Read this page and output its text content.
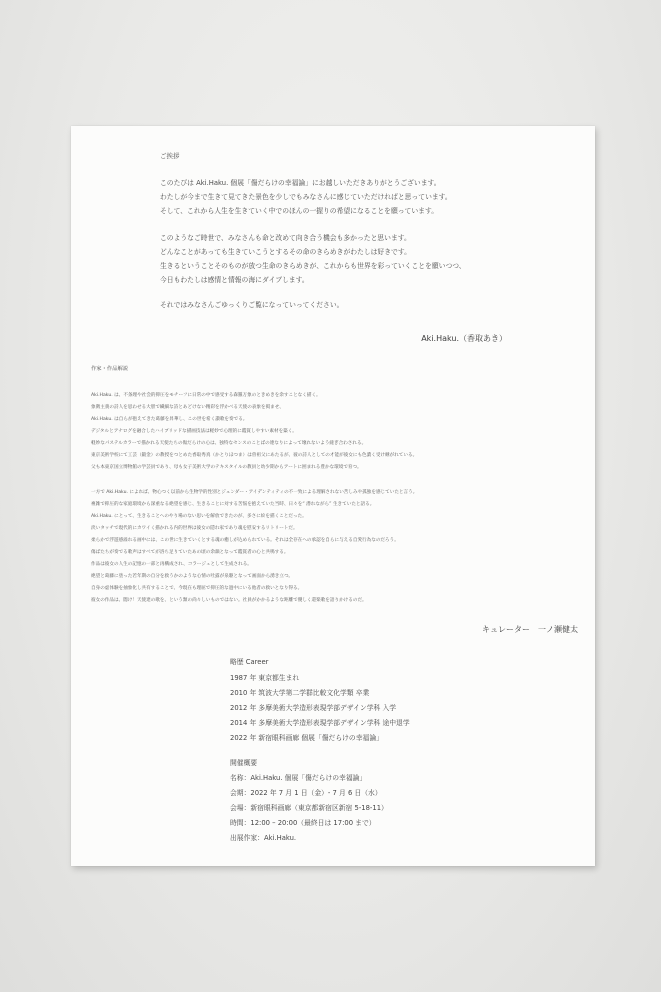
ご挨拶

このたびは Aki.Haku. 個展「傷だらけの幸福論」にお越しいただきありがとうございます。

わたしが今まで生きて見てきた景色を少しでもみなさんに感じていただければと思っています。

そして、これから人生を生きていく中でのほんの一握りの希望になることを願っています。

このようなご時世で、みなさんも命と改めて向き合う機会も多かったと思います。

どんなことがあっても生きていこうとするその命のきらめきがわたしは好きです。

生きるということそのものが放つ生命のきらめきが、これからも世界を彩っていくことを願いつつ、

今日もわたしは感情と情報の海にダイブします。

それではみなさんごゆっくりご覧になっていってください。

Aki.Haku.（香取あき）
作家・作品解説
Aki.Haku. は、不条理や社会的抑圧をモチーフに日常の中で感受する森羅万象のときめきを余すことなく描く。
象徴主義の詩人を思わせる大胆で繊細な詩とあどけない精彩を浮かべる天使の表象を掲ませ、
Aki.Haku. は自らが抱えてきた葛藤を昇華し、この世を希く讃歌を奏でる。
デジタルとアナログを融合したハイブリッドな描画技法は軽妙で心理的に鑑賞しやすい素材を築く。
軽妙なパステルカラーで描かれる天使たちの傷だらけの心は、独特なセンスのことばの連なりによって壊れないよう縫ぎ合わされる。
東京美術学校にて工芸（鍛金）の教授をつとめた香取秀真（かとりほつま）は曽祖父にあたるが、彼の詩人としての才能が彼女にも色濃く受け継がれている。
父も本東京国立博物館の学芸員であり、母も女子美術大学のテキスタイルの教員と幼少期からアートに囲まれる豊かな環境で育つ。
一方で Aki.Haku. によれば、物心つく以前から生物学的性別とジェンダー・アイデンティティの不一致による理解されない苦しみや孤独を感じていたと言う。
複雑で抑圧的な家庭環境から深重なる絶望を感じ、生きることに対する苦悩を抱えていた当時、日々を“ 潜れながら” 生きていたと語る。
Aki.Haku. にとって、生きることへのやり場のない思いを解放できたのが、多さに絵を描くことだった。
淡いタッチで現代的にカワイく描かれる内的世界は彼女の隠れ家であり魂を慰安するリトリートだ。
柔らかで浮遊感溢れる画中には、この世に生きていくとする魂の癒しが込められている。それは全存在への承認を自らに与える自愛行為なのだろう。
傷ばたちが奏でる歌声はすべてが洛ち足りていたあの頃の余韻となって鑑賞者の心と共鳴する。
作品は彼女の人生の記憶の一部と再構成され、コラージュとして生成される。
絶望と葛藤に塗った若年期の自分を救うかのような心情の吐露が泉駆となって画面から湧き立つ。
自身の虚体験を抽象化し共有することで、今現在も理屈で抑圧的な過中にいる他者の救いとなり得る。
彼女の作品は、闇け！天使達の歌を、という類の尚々しいものではない。社員がかかるような距離で優しく還楽歌を語りかけるのだ。
キュレーター　一ノ瀬健太
略歴 Career
1987 年 東京都生まれ
2010 年 筑波大学第二学群比較文化学類 卒業
2012 年 多摩美術大学造形表現学部デザイン学科 入学
2014 年 多摩美術大学造形表現学部デザイン学科 途中退学
2022 年 新宿眼科画廊 個展「傷だらけの幸福論」
開催概要
名称：Aki.Haku. 個展「傷だらけの幸福論」
会期：2022 年 7 月 1 日（金）- 7 月 6 日（水）
会場：新宿眼科画廊（東京都新宿区新宿 5-18-11）
時間：12:00 – 20:00（最終日は 17:00 まで）
出展作家：Aki.Haku.
